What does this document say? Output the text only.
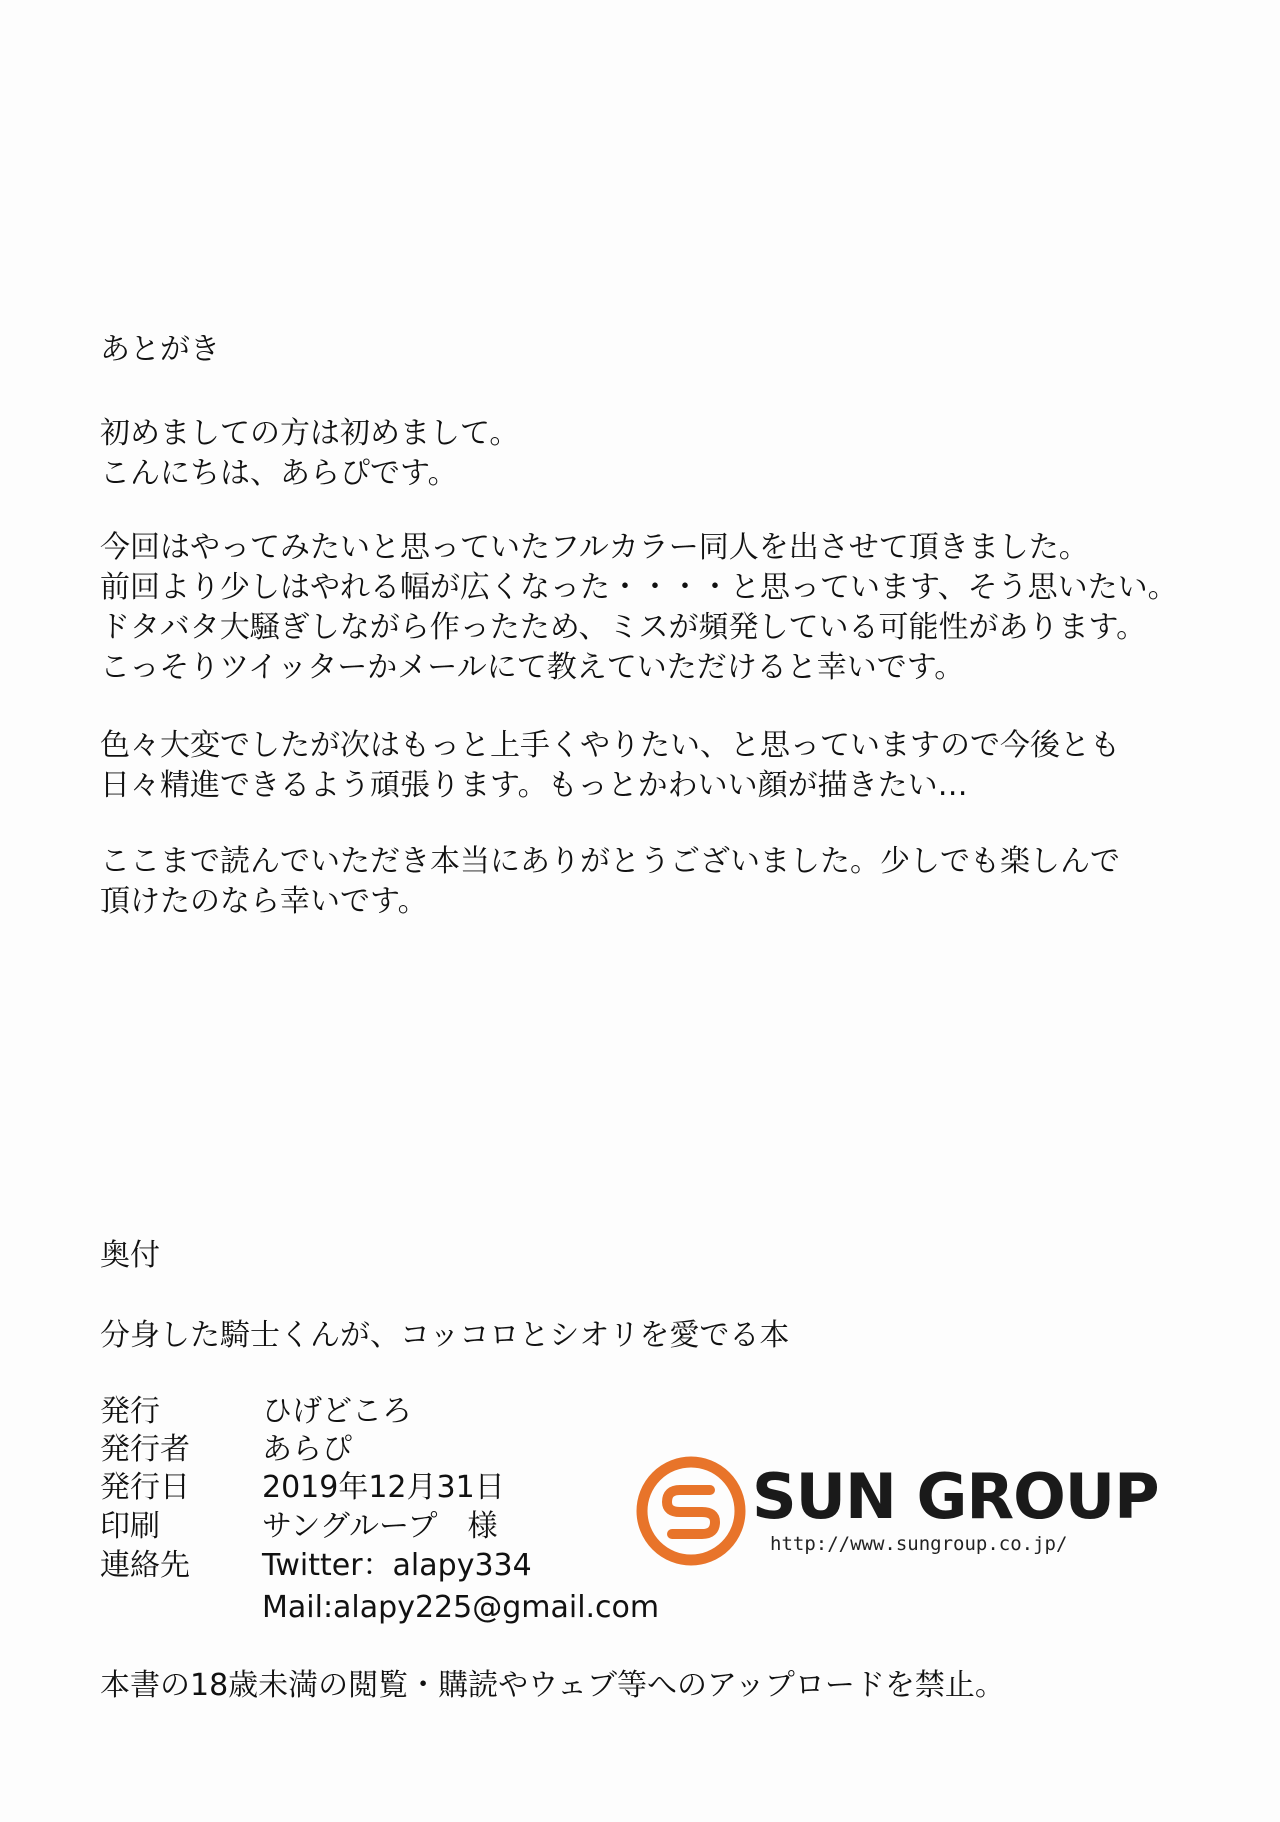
あとがき

初めましての方は初めまして。

こんにちは、あらぴです。

今回はやってみたいと思っていたフルカラー同人を出させて頂きました。

前回より少しはやれる幅が広くなった・・・・と思っています、そう思いたい。

ドタバタ大騒ぎしながら作ったため、ミスが頻発している可能性があります。

こっそりツイッターかメールにて教えていただけると幸いです。

色々大変でしたが次はもっと上手くやりたい、と思っていますので今後とも

日々精進できるよう頑張ります。もっとかわいい顔が描きたい…

ここまで読んでいただき本当にありがとうございました。少しでも楽しんで

頂けたのなら幸いです。

奥付

分身した騎士くんが、コッコロとシオリを愛でる本

発行	ひげどころ
発行者 あらぴ
発行日 2019年12月31日
印刷	サングループ　様
連絡先 Twitter：alapy334
Mail:alapy225@gmail.com

本書の18歳未満の閲覧・購読やウェブ等へのアップロードを禁止。

SUN GROUP
http://www.sungroup.co.jp/
